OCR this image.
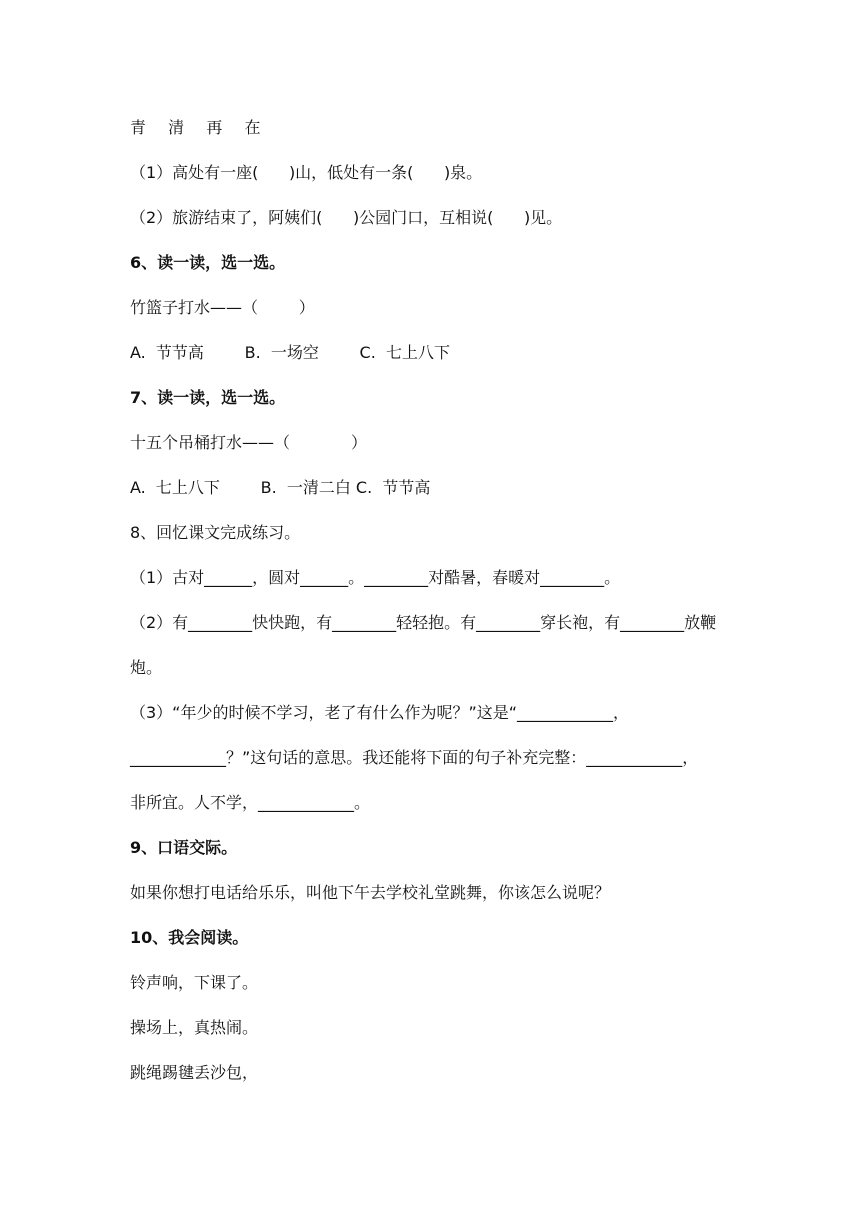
青  清  再  在
（1）高处有一座(      )山，低处有一条(      )泉。
（2）旅游结束了，阿姨们(      )公园门口，互相说(      )见。
6、读一读，选一选。
竹篮子打水——（        ）
A.  节节高        B.  一场空        C.  七上八下
7、读一读，选一选。
十五个吊桶打水——（            ）
A.  七上八下        B.  一清二白 C.  节节高
8、回忆课文完成练习。
（1）古对______，圆对______。________对酷暑，春暖对________。
（2）有________快快跑，有________轻轻抱。有________穿长袍，有________放鞭
炮。
（3）“年少的时候不学习，老了有什么作为呢？”这是“____________，
____________？”这句话的意思。我还能将下面的句子补充完整：____________，
非所宜。人不学，____________。
9、口语交际。
如果你想打电话给乐乐，叫他下午去学校礼堂跳舞，你该怎么说呢？
10、我会阅读。
铃声响，下课了。
操场上，真热闹。
跳绳踢毽丢沙包，
